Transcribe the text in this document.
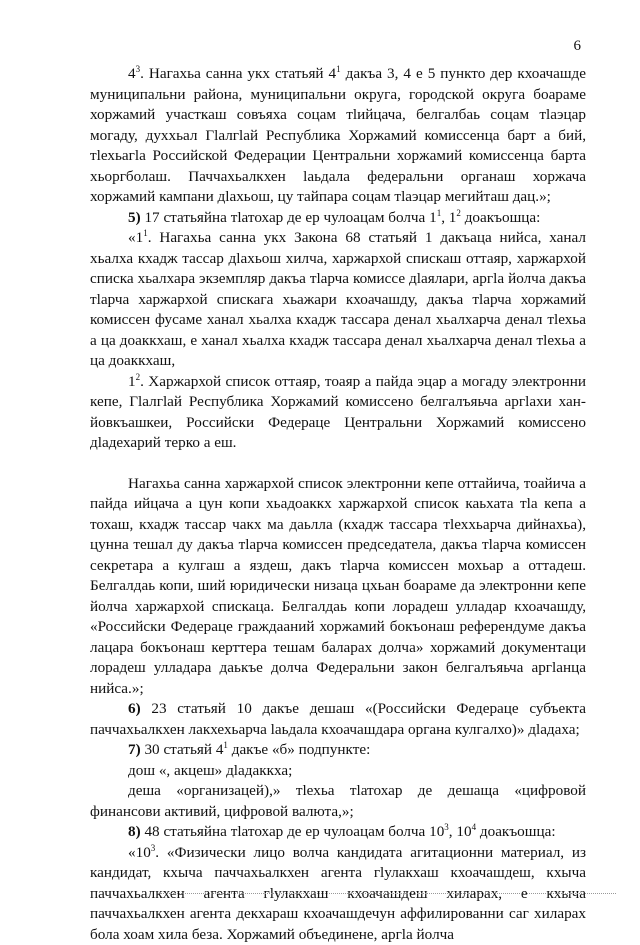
6

$4^3$. Нагахьа санна укх статьяй $4^1$ дакъа 3, 4 е 5 пункто дер кхоачашде муниципальни района, муниципальни округа, городской округа боараме хоржамий участкаш совъяха соцам тlийцача, белгалбаь соцам тlаэцар могаду, духхьал Гlалгlай Республика Хоржамий комиссенца барт а бий, тlехьагlа Российской Федерации Центральни хоржамий комиссенца барта хьоргболаш. Паччахьалкхен lаьдала федеральни органаш хоржача хоржамий кампани дlахьош, цу тайпара соцам тlаэцар мегийташ дац.»;

5) 17 статьяйна тlатохар де ер чулоацам болча $1^1$, $1^2$ доакъошца:

«$1^1$. Нагахьа санна укх Закона 68 статьяй 1 дакъаца нийса, ханал хьалха кхадж тассар дlахьош хилча, харжархой спискаш оттаяр, харжархой списка хьалхара экземпляр дакъа тlарча комиссе дlаялари, аргlа йолча дакъа тlарча харжархой спискага хьажари кхоачашду, дакъа тlарча хоржамий комиссен фусаме ханал хьалха кхадж тассара денал хьалхарча денал тlехьа а ца доаккхаш, е ханал хьалха кхадж тассара денал хьалхарча денал тlехьа а ца доаккхаш,

$1^2$. Харжархой список оттаяр, тоаяр а пайда эцар а могаду электронни кепе, Гlалгlай Республика Хоржамий комиссено белгалъяьча аргlахи хан-йовкъашкеи, Российски Федераце Центральни Хоржамий комиссено дlадехарий терко а еш.

Нагахьа санна харжархой список электронни кепе оттайича, тоайича а пайда ийцача а цун копи хьадоаккх харжархой список каьхата тlа кепа а тохаш, кхадж тассар чакх ма даьлла (кхадж тассара тlеххьарча дийнахьа), цунна тешал ду дакъа тlарча комиссен председателa, дакъа тlарча комиссен секретара а кулгаш а яздеш, дакъ тlарча комиссен мохьар а оттадеш. Белгалдаь копи, ший юридически низаца цхьан боараме да электронни кепе йолча харжархой спискаца. Белгалдаь копи лорадеш улладар кхоачашду, «Российски Федераце граждааний хоржамий бокъонаш референдуме дакъа лацара бокъонаш керттера тешам баларах долча» хоржамий документаци лорадеш улладара даькъе долча Федеральни закон белгалъяьча аргlанца нийса.»;

6) 23 статьяй 10 дакъе дешаш «(Российски Федераце субъекта паччахьалкхен лакхехьарча lаьдала кхоачашдара органа кулгалхо)» дlадаха;

7) 30 статьяй $4^1$ дакъе «б» подпункте:

дош «, акцеш» дlадаккха;

деша «организацей),» тlехьа тlатохар де дешаща «цифровой финансови активий, цифровой валюта,»;

8) 48 статьяйна тlатохар де ер чулоацам болча $10^3$, $10^4$ доакъошца:

«$10^3$. «Физически лицо волча кандидата агитационни материал, из кандидат, кхыча паччахьалкхен агента гlулакхаш кхоачашдеш, кхыча паччахьалкхен агента гlулакхаш кхоачашдеш хиларах, е кхыча паччахьалкхен агента декхараш кхоачашдечун аффилированни саг хиларах бола хоам хила беза. Хоржамий объединене, аргlа йолча
